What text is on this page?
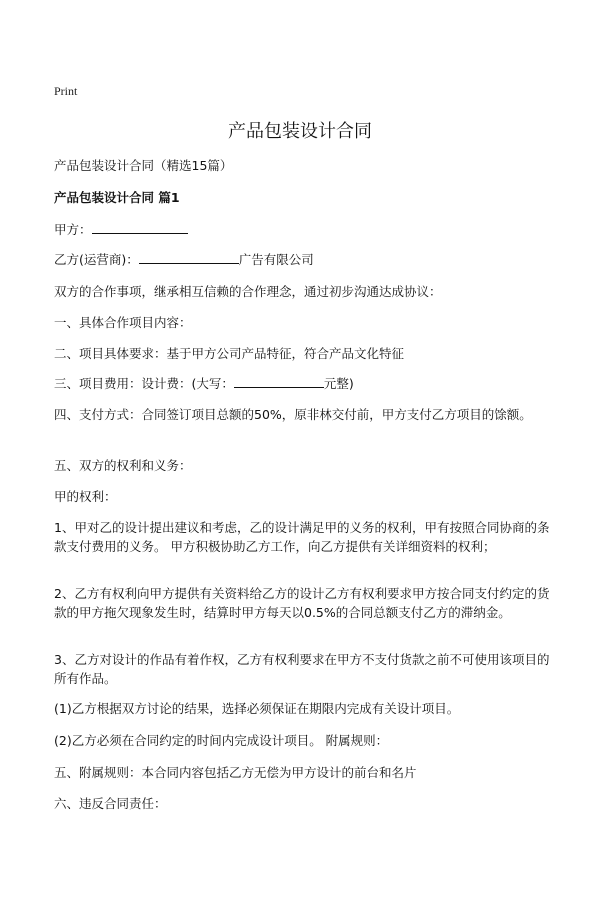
Print
产品包装设计合同
产品包装设计合同（精选15篇）
产品包装设计合同 篇1
甲方：
乙方(运营商)：	广告有限公司
双方的合作事项，继承相互信赖的合作理念，通过初步沟通达成协议：
一、具体合作项目内容：
二、项目具体要求：基于甲方公司产品特征，符合产品文化特征
三、项目费用：设计费：(大写：	元整)
四、支付方式：合同签订项目总额的50%，原非林交付前，甲方支付乙方项目的馀额。
五、双方的权利和义务：
甲的权利：
1、甲对乙的设计提出建议和考虑，乙的设计满足甲的义务的权利，甲有按照合同协商的条款支付费用的义务。 甲方积极协助乙方工作，向乙方提供有关详细资料的权利；
2、乙方有权利向甲方提供有关资料给乙方的设计乙方有权利要求甲方按合同支付约定的货款的甲方拖欠现象发生时，结算时甲方每天以0.5%的合同总额支付乙方的滞纳金。
3、乙方对设计的作品有着作权，乙方有权利要求在甲方不支付货款之前不可使用该项目的所有作品。
(1)乙方根据双方讨论的结果，选择必须保证在期限内完成有关设计项目。
(2)乙方必须在合同约定的时间内完成设计项目。 附属规则：
五、附属规则：本合同内容包括乙方无偿为甲方设计的前台和名片
六、违反合同责任：
